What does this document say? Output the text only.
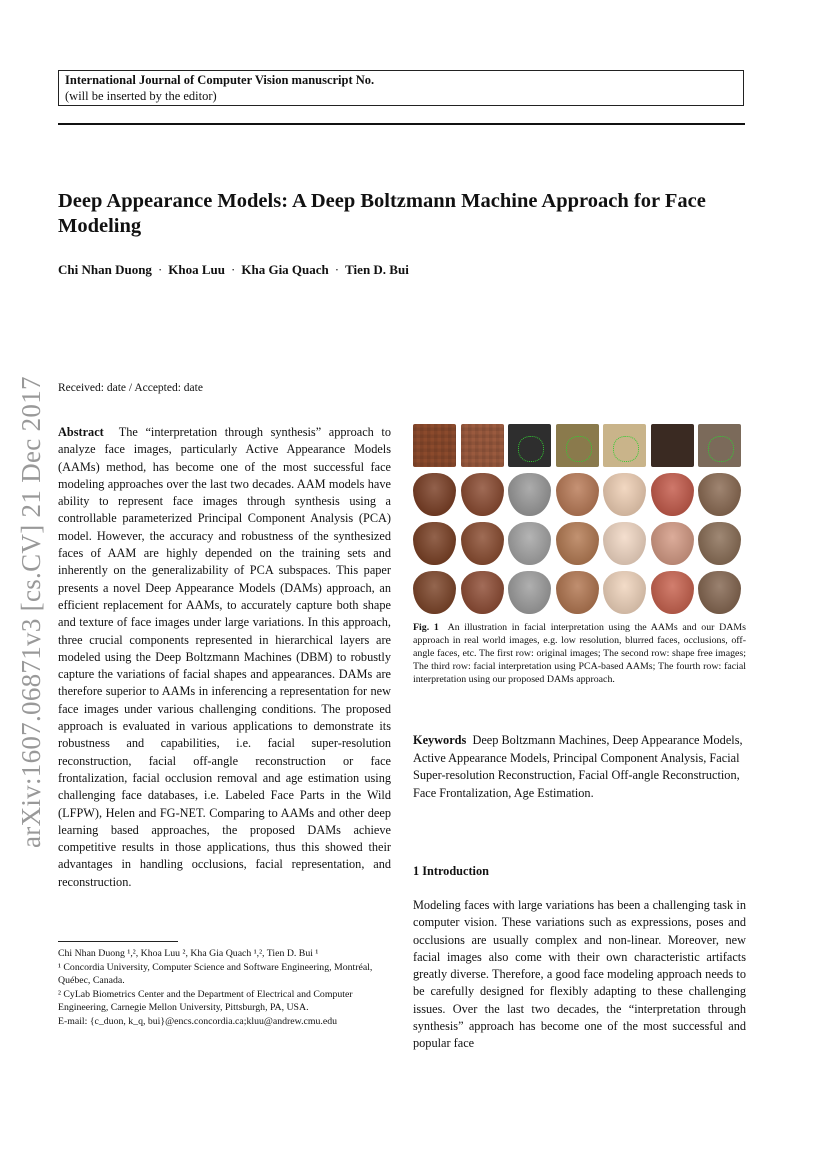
International Journal of Computer Vision manuscript No.
(will be inserted by the editor)
Deep Appearance Models: A Deep Boltzmann Machine Approach for Face Modeling
Chi Nhan Duong · Khoa Luu · Kha Gia Quach · Tien D. Bui
arXiv:1607.06871v3 [cs.CV] 21 Dec 2017 Received: date / Accepted: date
Abstract The “interpretation through synthesis” approach to analyze face images, particularly Active Appearance Models (AAMs) method, has become one of the most successful face modeling approaches over the last two decades. AAM models have ability to represent face images through synthesis using a controllable parameterized Principal Component Analysis (PCA) model. However, the accuracy and robustness of the synthesized faces of AAM are highly depended on the training sets and inherently on the generalizability of PCA subspaces. This paper presents a novel Deep Appearance Models (DAMs) approach, an efficient replacement for AAMs, to accurately capture both shape and texture of face images under large variations. In this approach, three crucial components represented in hierarchical layers are modeled using the Deep Boltzmann Machines (DBM) to robustly capture the variations of facial shapes and appearances. DAMs are therefore superior to AAMs in inferencing a representation for new face images under various challenging conditions. The proposed approach is evaluated in various applications to demonstrate its robustness and capabilities, i.e. facial super-resolution reconstruction, facial off-angle reconstruction or face frontalization, facial occlusion removal and age estimation using challenging face databases, i.e. Labeled Face Parts in the Wild (LFPW), Helen and FG-NET. Comparing to AAMs and other deep learning based approaches, the proposed DAMs achieve competitive results in those applications, thus this showed their advantages in handling occlusions, facial representation, and reconstruction.
Chi Nhan Duong ¹,², Khoa Luu ², Kha Gia Quach ¹,², Tien D. Bui ¹
¹ Concordia University, Computer Science and Software Engineering, Montréal, Québec, Canada.
² CyLab Biometrics Center and the Department of Electrical and Computer Engineering, Carnegie Mellon University, Pittsburgh, PA, USA.
E-mail: {c_duon, k_q, bui}@encs.concordia.ca;kluu@andrew.cmu.edu
Fig. 1 An illustration in facial interpretation using the AAMs and our DAMs approach in real world images, e.g. low resolution, blurred faces, occlusions, off-angle faces, etc. The first row: original images; The second row: shape free images; The third row: facial interpretation using PCA-based AAMs; The fourth row: facial interpretation using our proposed DAMs approach.
Keywords Deep Boltzmann Machines, Deep Appearance Models, Active Appearance Models, Principal Component Analysis, Facial Super-resolution Reconstruction, Facial Off-angle Reconstruction, Face Frontalization, Age Estimation.
1 Introduction
Modeling faces with large variations has been a challenging task in computer vision. These variations such as expressions, poses and occlusions are usually complex and non-linear. Moreover, new facial images also come with their own characteristic artifacts greatly diverse. Therefore, a good face modeling approach needs to be carefully designed for flexibly adapting to these challenging issues. Over the last two decades, the “interpretation through synthesis” approach has become one of the most successful and popular face
